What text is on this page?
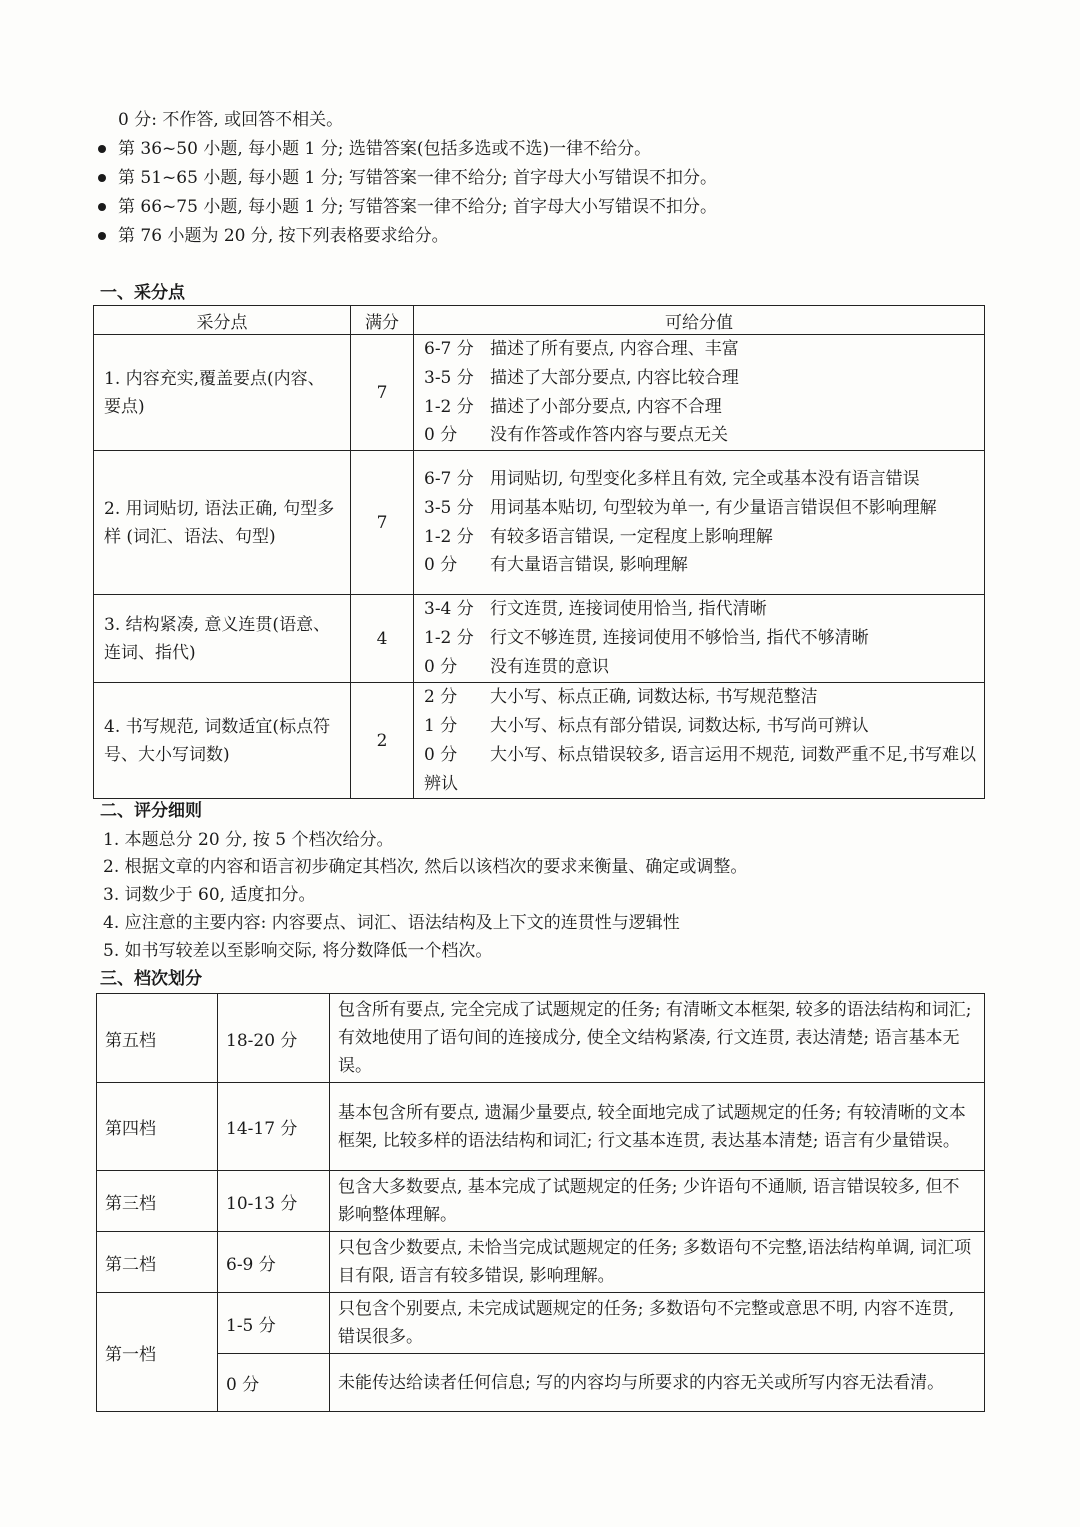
0 分: 不作答, 或回答不相关。
第 36~50 小题, 每小题 1 分; 选错答案(包括多选或不选)一律不给分。
第 51~65 小题, 每小题 1 分; 写错答案一律不给分; 首字母大小写错误不扣分。
第 66~75 小题, 每小题 1 分; 写错答案一律不给分; 首字母大小写错误不扣分。
第 76 小题为 20 分, 按下列表格要求给分。
一、采分点
采分点	满分	可给分值
1. 内容充实,覆盖要点(内容、要点)	7	6-7 分 描述了所有要点, 内容合理、丰富
3-5 分 描述了大部分要点, 内容比较合理
1-2 分 描述了小部分要点, 内容不合理
0 分 没有作答或作答内容与要点无关

2. 用词贴切, 语法正确, 句型多样 (词汇、语法、句型)	7	6-7 分 用词贴切, 句型变化多样且有效, 完全或基本没有语言错误
3-5 分 用词基本贴切, 句型较为单一, 有少量语言错误但不影响理解
1-2 分 有较多语言错误, 一定程度上影响理解
0 分 有大量语言错误, 影响理解

3. 结构紧凑, 意义连贯(语意、连词、指代)	4	3-4 分 行文连贯, 连接词使用恰当, 指代清晰
1-2 分 行文不够连贯, 连接词使用不够恰当, 指代不够清晰
0 分 没有连贯的意识

4. 书写规范, 词数适宜(标点符号、大小写词数)	2	2 分 大小写、标点正确, 词数达标, 书写规范整洁
1 分 大小写、标点有部分错误, 词数达标, 书写尚可辨认
0 分 大小写、标点错误较多, 语言运用不规范, 词数严重不足,书写难以辨认
二、评分细则
1. 本题总分 20 分, 按 5 个档次给分。
2. 根据文章的内容和语言初步确定其档次, 然后以该档次的要求来衡量、确定或调整。
3. 词数少于 60, 适度扣分。
4. 应注意的主要内容: 内容要点、词汇、语法结构及上下文的连贯性与逻辑性
5. 如书写较差以至影响交际, 将分数降低一个档次。
三、档次划分
第五档	18-20 分	包含所有要点, 完全完成了试题规定的任务; 有清晰文本框架, 较多的语法结构和词汇; 有效地使用了语句间的连接成分, 使全文结构紧凑, 行文连贯, 表达清楚; 语言基本无误。
第四档	14-17 分	基本包含所有要点, 遗漏少量要点, 较全面地完成了试题规定的任务; 有较清晰的文本框架, 比较多样的语法结构和词汇; 行文基本连贯, 表达基本清楚; 语言有少量错误。
第三档	10-13 分	包含大多数要点, 基本完成了试题规定的任务; 少许语句不通顺, 语言错误较多, 但不影响整体理解。
第二档	6-9 分	只包含少数要点, 未恰当完成试题规定的任务; 多数语句不完整,语法结构单调, 词汇项目有限, 语言有较多错误, 影响理解。
第一档	1-5 分	只包含个别要点, 未完成试题规定的任务; 多数语句不完整或意思不明, 内容不连贯, 错误很多。
	0 分	未能传达给读者任何信息; 写的内容均与所要求的内容无关或所写内容无法看清。
